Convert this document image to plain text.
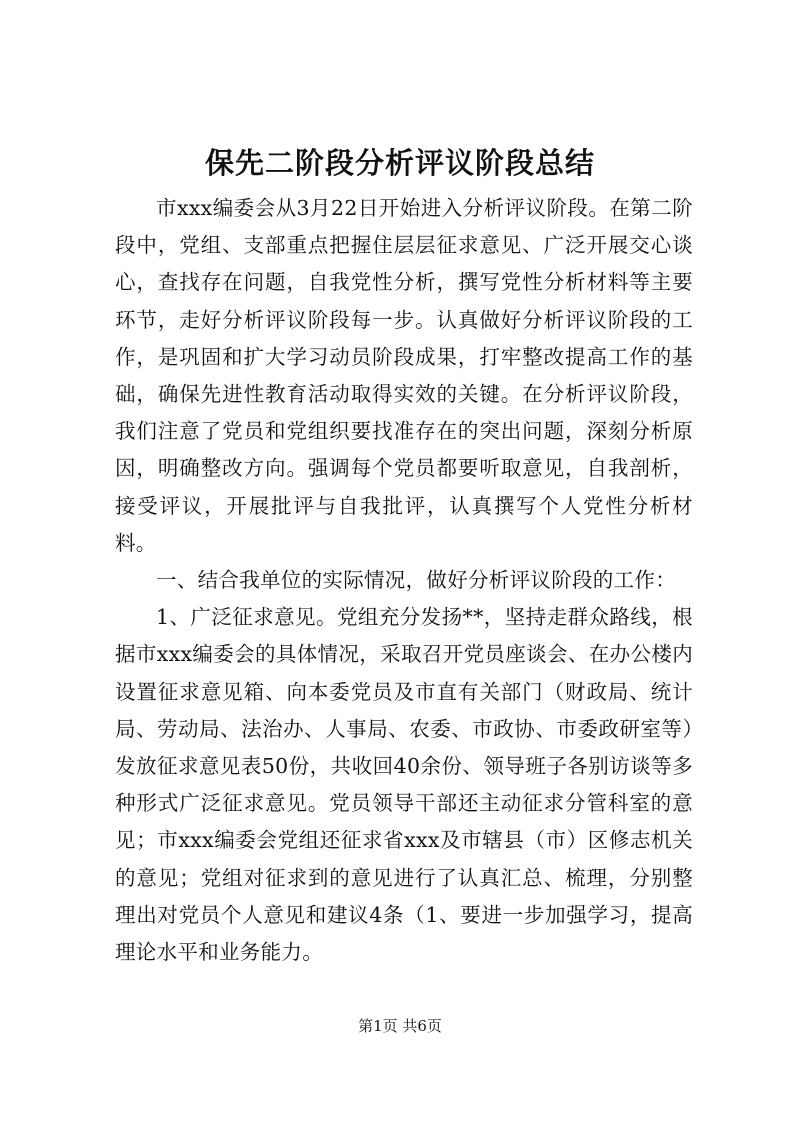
保先二阶段分析评议阶段总结

市xxx编委会从3月22日开始进入分析评议阶段。在第二阶段中，党组、支部重点把握住层层征求意见、广泛开展交心谈心，查找存在问题，自我党性分析，撰写党性分析材料等主要环节，走好分析评议阶段每一步。认真做好分析评议阶段的工作，是巩固和扩大学习动员阶段成果，打牢整改提高工作的基础，确保先进性教育活动取得实效的关键。在分析评议阶段，我们注意了党员和党组织要找准存在的突出问题，深刻分析原因，明确整改方向。强调每个党员都要听取意见，自我剖析，接受评议，开展批评与自我批评，认真撰写个人党性分析材料。

一、结合我单位的实际情况，做好分析评议阶段的工作：

1、广泛征求意见。党组充分发扬**，坚持走群众路线，根据市xxx编委会的具体情况，采取召开党员座谈会、在办公楼内设置征求意见箱、向本委党员及市直有关部门（财政局、统计局、劳动局、法治办、人事局、农委、市政协、市委政研室等）发放征求意见表50份，共收回40余份、领导班子各别访谈等多种形式广泛征求意见。党员领导干部还主动征求分管科室的意见；市xxx编委会党组还征求省xxx及市辖县（市）区修志机关的意见；党组对征求到的意见进行了认真汇总、梳理，分别整理出对党员个人意见和建议4条（1、要进一步加强学习，提高理论水平和业务能力。

第1页 共6页
